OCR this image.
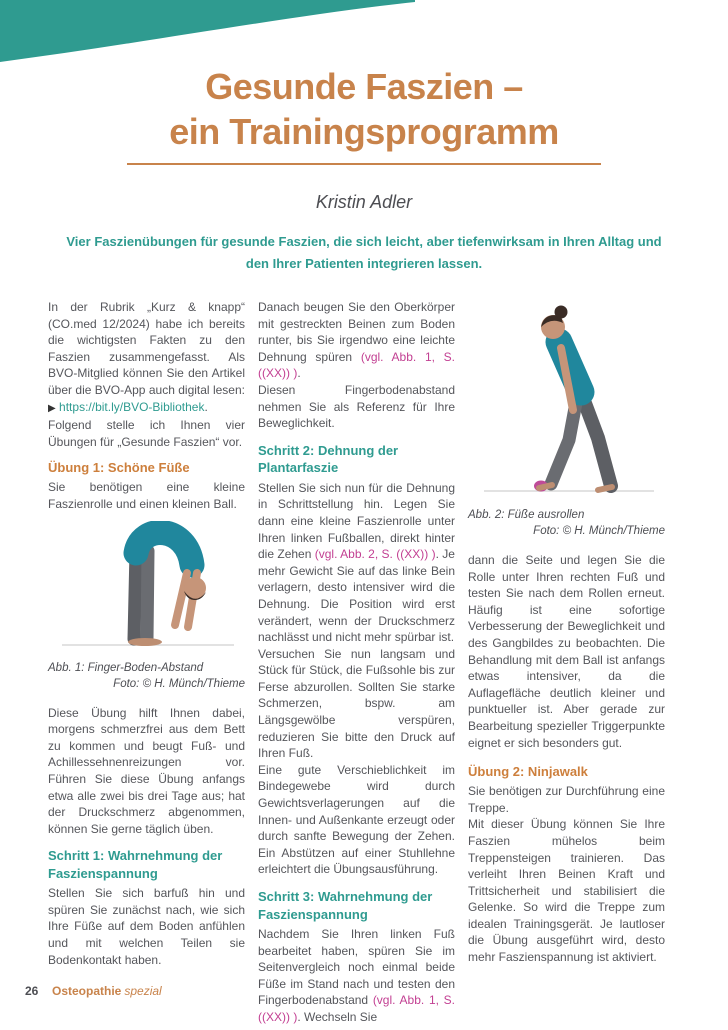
Gesunde Faszien –
ein Trainingsprogramm
Kristin Adler
Vier Faszienübungen für gesunde Faszien, die sich leicht, aber tiefenwirksam in Ihren Alltag und den Ihrer Patienten integrieren lassen.

In der Rubrik „Kurz & knapp“ (CO.med 12/2024) habe ich bereits die wichtigsten Fakten zu den Faszien zusammengefasst. Als BVO-Mitglied können Sie den Artikel über die BVO-App auch digital lesen: ▶ https://bit.ly/BVO-Bibliothek.

Folgend stelle ich Ihnen vier Übungen für „Gesunde Faszien“ vor.

Übung 1: Schöne Füße

Sie benötigen eine kleine Faszienrolle und einen kleinen Ball.

Abb. 1: Finger-Boden-Abstand
Foto: © H. Münch/Thieme

Diese Übung hilft Ihnen dabei, morgens schmerzfrei aus dem Bett zu kommen und beugt Fuß- und Achillessehnenreizungen vor. Führen Sie diese Übung anfangs etwa alle zwei bis drei Tage aus; hat der Druckschmerz abgenommen, können Sie gerne täglich üben.

Schritt 1: Wahrnehmung der Faszienspannung

Stellen Sie sich barfuß hin und spüren Sie zunächst nach, wie sich Ihre Füße auf dem Boden anfühlen und mit welchen Teilen sie Bodenkontakt haben.

Danach beugen Sie den Oberkörper mit gestreckten Beinen zum Boden runter, bis Sie irgendwo eine leichte Dehnung spüren (vgl. Abb. 1, S. ((XX)) ).

Diesen Fingerbodenabstand nehmen Sie als Referenz für Ihre Beweglichkeit.

Schritt 2: Dehnung der Plantarfaszie

Stellen Sie sich nun für die Dehnung in Schrittstellung hin. Legen Sie dann eine kleine Faszienrolle unter Ihren linken Fußballen, direkt hinter die Zehen (vgl. Abb. 2, S. ((XX)) ). Je mehr Gewicht Sie auf das linke Bein verlagern, desto intensiver wird die Dehnung. Die Position wird erst verändert, wenn der Druckschmerz nachlässt und nicht mehr spürbar ist.

Versuchen Sie nun langsam und Stück für Stück, die Fußsohle bis zur Ferse abzurollen. Sollten Sie starke Schmerzen, bspw. am Längsgewölbe verspüren, reduzieren Sie bitte den Druck auf Ihren Fuß.

Eine gute Verschieblichkeit im Bindegewebe wird durch Gewichtsverlagerungen auf die Innen- und Außenkante erzeugt oder durch sanfte Bewegung der Zehen. Ein Abstützen auf einer Stuhllehne erleichtert die Übungsausführung.

Schritt 3: Wahrnehmung der Faszienspannung

Nachdem Sie Ihren linken Fuß bearbeitet haben, spüren Sie im Seitenvergleich noch einmal beide Füße im Stand nach und testen den Fingerbodenabstand (vgl. Abb. 1, S. ((XX)) ). Wechseln Sie

Abb. 2: Füße ausrollen
Foto: © H. Münch/Thieme

dann die Seite und legen Sie die Rolle unter Ihren rechten Fuß und testen Sie nach dem Rollen erneut. Häufig ist eine sofortige Verbesserung der Beweglichkeit und des Gangbildes zu beobachten. Die Behandlung mit dem Ball ist anfangs etwas intensiver, da die Auflagefläche deutlich kleiner und punktueller ist. Aber gerade zur Bearbeitung spezieller Triggerpunkte eignet er sich besonders gut.

Übung 2: Ninjawalk

Sie benötigen zur Durchführung eine Treppe.

Mit dieser Übung können Sie Ihre Faszien mühelos beim Treppensteigen trainieren. Das verleiht Ihren Beinen Kraft und Trittsicherheit und stabilisiert die Gelenke. So wird die Treppe zum idealen Trainingsgerät. Je lautloser die Übung ausgeführt wird, desto mehr Faszienspannung ist aktiviert.

26 Osteopathie spezial
